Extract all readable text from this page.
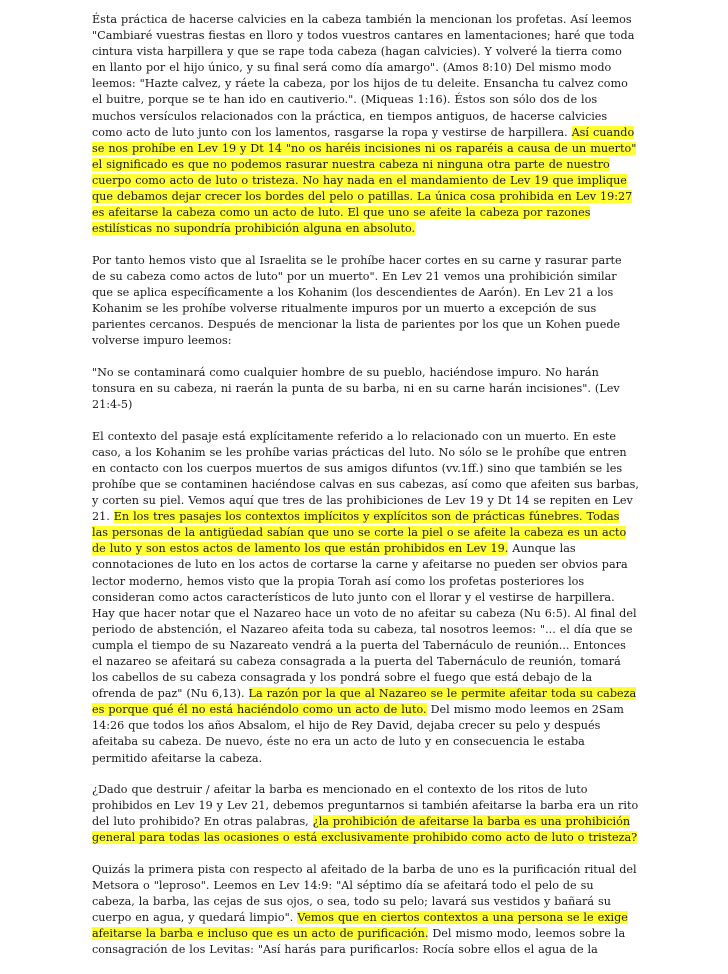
Ésta práctica de hacerse calvicies en la cabeza también la mencionan los profetas. Así leemos "Cambiaré vuestras fiestas en lloro y todos vuestros cantares en lamentaciones; haré que toda cintura vista harpillera y que se rape toda cabeza (hagan calvicies). Y volveré la tierra como en llanto por el hijo único, y su final será como día amargo". (Amos 8:10) Del mismo modo leemos: "Hazte calvez, y ráete la cabeza, por los hijos de tu deleite. Ensancha tu calvez como el buitre, porque se te han ido en cautiverio.". (Miqueas 1:16). Éstos son sólo dos de los muchos versículos relacionados con la práctica, en tiempos antiguos, de hacerse calvicies como acto de luto junto con los lamentos, rasgarse la ropa y vestirse de harpillera. Así cuando se nos prohíbe en Lev 19 y Dt 14 "no os haréis incisiones ni os raparéis a causa de un muerto" el significado es que no podemos rasurar nuestra cabeza ni ninguna otra parte de nuestro cuerpo como acto de luto o tristeza. No hay nada en el mandamiento de Lev 19 que implique que debamos dejar crecer los bordes del pelo o patillas. La única cosa prohibida en Lev 19:27 es afeitarse la cabeza como un acto de luto. El que uno se afeite la cabeza por razones estilísticas no supondría prohibición alguna en absoluto.

Por tanto hemos visto que al Israelita se le prohíbe hacer cortes en su carne y rasurar parte de su cabeza como actos de luto" por un muerto". En Lev 21 vemos una prohibición similar que se aplica específicamente a los Kohanim (los descendientes de Aarón). En Lev 21 a los Kohanim se les prohíbe volverse ritualmente impuros por un muerto a excepción de sus parientes cercanos. Después de mencionar la lista de parientes por los que un Kohen puede volverse impuro leemos:

"No se contaminará como cualquier hombre de su pueblo, haciéndose impuro. No harán tonsura en su cabeza, ni raerán la punta de su barba, ni en su carne harán incisiones". (Lev 21:4-5)

El contexto del pasaje está explícitamente referido a lo relacionado con un muerto. En este caso, a los Kohanim se les prohíbe varias prácticas del luto. No sólo se le prohíbe que entren en contacto con los cuerpos muertos de sus amigos difuntos (vv.1ff.) sino que también se les prohíbe que se contaminen haciéndose calvas en sus cabezas, así como que afeiten sus barbas, y corten su piel. Vemos aquí que tres de las prohibiciones de Lev 19 y Dt 14 se repiten en Lev 21. En los tres pasajes los contextos implícitos y explícitos son de prácticas fúnebres. Todas las personas de la antigüedad sabían que uno se corte la piel o se afeite la cabeza es un acto de luto y son estos actos de lamento los que están prohibidos en Lev 19. Aunque las connotaciones de luto en los actos de cortarse la carne y afeitarse no pueden ser obvios para lector moderno, hemos visto que la propia Torah así como los profetas posteriores los consideran como actos característicos de luto junto con el llorar y el vestirse de harpillera. Hay que hacer notar que el Nazareo hace un voto de no afeitar su cabeza (Nu 6:5). Al final del periodo de abstención, el Nazareo afeita toda su cabeza, tal nosotros leemos: "... el día que se cumpla el tiempo de su Nazareato vendrá a la puerta del Tabernáculo de reunión... Entonces el nazareo se afeitará su cabeza consagrada a la puerta del Tabernáculo de reunión, tomará los cabellos de su cabeza consagrada y los pondrá sobre el fuego que está debajo de la ofrenda de paz" (Nu 6,13). La razón por la que al Nazareo se le permite afeitar toda su cabeza es porque qué él no está haciéndolo como un acto de luto. Del mismo modo leemos en 2Sam 14:26 que todos los años Absalom, el hijo de Rey David, dejaba crecer su pelo y después afeitaba su cabeza. De nuevo, éste no era un acto de luto y en consecuencia le estaba permitido afeitarse la cabeza.

¿Dado que destruir / afeitar la barba es mencionado en el contexto de los ritos de luto prohibidos en Lev 19 y Lev 21, debemos preguntarnos si también afeitarse la barba era un rito del luto prohibido? En otras palabras, ¿la prohibición de afeitarse la barba es una prohibición general para todas las ocasiones o está exclusivamente prohibido como acto de luto o tristeza?

Quizás la primera pista con respecto al afeitado de la barba de uno es la purificación ritual del Metsora o "leproso". Leemos en Lev 14:9: "Al séptimo día se afeitará todo el pelo de su cabeza, la barba, las cejas de sus ojos, o sea, todo su pelo; lavará sus vestidos y bañará su cuerpo en agua, y quedará limpio". Vemos que en ciertos contextos a una persona se le exige afeitarse la barba e incluso que es un acto de purificación. Del mismo modo, leemos sobre la consagración de los Levitas: "Así harás para purificarlos: Rocía sobre ellos el agua de la
